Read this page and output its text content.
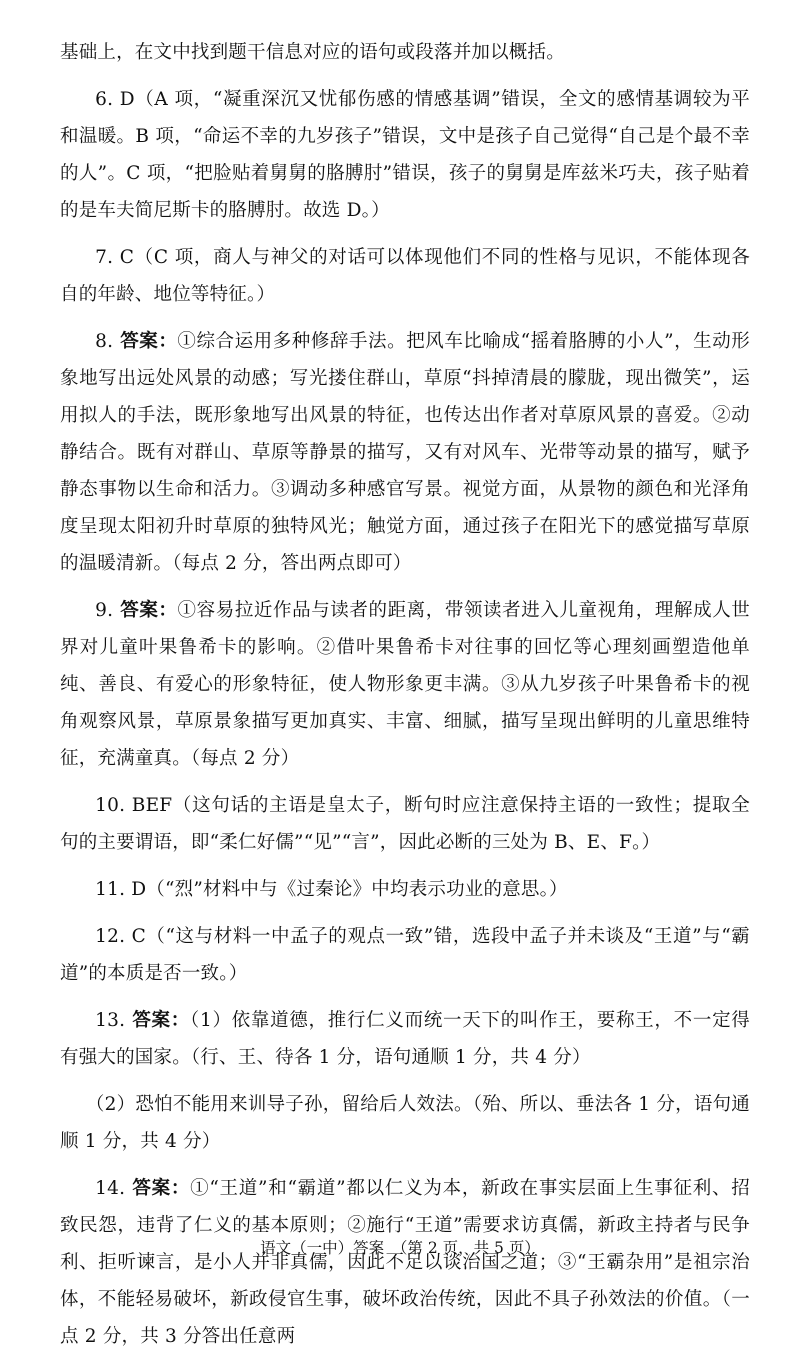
基础上，在文中找到题干信息对应的语句或段落并加以概括。

6. D（A 项，“凝重深沉又忧郁伤感的情感基调”错误，全文的感情基调较为平和温暖。B 项，“命运不幸的九岁孩子”错误，文中是孩子自己觉得“自己是个最不幸的人”。C 项，“把脸贴着舅舅的胳膊肘”错误，孩子的舅舅是库兹米巧夫，孩子贴着的是车夫简尼斯卡的胳膊肘。故选 D。）

7. C（C 项，商人与神父的对话可以体现他们不同的性格与见识，不能体现各自的年龄、地位等特征。）

8. 答案：①综合运用多种修辞手法。把风车比喻成“摇着胳膊的小人”，生动形象地写出远处风景的动感；写光搂住群山，草原“抖掉清晨的朦胧，现出微笑”，运用拟人的手法，既形象地写出风景的特征，也传达出作者对草原风景的喜爱。②动静结合。既有对群山、草原等静景的描写，又有对风车、光带等动景的描写，赋予静态事物以生命和活力。③调动多种感官写景。视觉方面，从景物的颜色和光泽角度呈现太阳初升时草原的独特风光；触觉方面，通过孩子在阳光下的感觉描写草原的温暖清新。（每点 2 分，答出两点即可）

9. 答案：①容易拉近作品与读者的距离，带领读者进入儿童视角，理解成人世界对儿童叶果鲁希卡的影响。②借叶果鲁希卡对往事的回忆等心理刻画塑造他单纯、善良、有爱心的形象特征，使人物形象更丰满。③从九岁孩子叶果鲁希卡的视角观察风景，草原景象描写更加真实、丰富、细腻，描写呈现出鲜明的儿童思维特征，充满童真。（每点 2 分）

10. BEF（这句话的主语是皇太子，断句时应注意保持主语的一致性；提取全句的主要谓语，即“柔仁好儒”“见”“言”，因此必断的三处为 B、E、F。）

11. D（“烈”材料中与《过秦论》中均表示功业的意思。）

12. C（“这与材料一中孟子的观点一致”错，选段中孟子并未谈及“王道”与“霸道”的本质是否一致。）

13. 答案：（1）依靠道德，推行仁义而统一天下的叫作王，要称王，不一定得有强大的国家。（行、王、待各 1 分，语句通顺 1 分，共 4 分）

（2）恐怕不能用来训导子孙，留给后人效法。（殆、所以、垂法各 1 分，语句通顺 1 分，共 4 分）

14. 答案：①“王道”和“霸道”都以仁义为本，新政在事实层面上生事征利、招致民怨，违背了仁义的基本原则；②施行“王道”需要求访真儒，新政主持者与民争利、拒听谏言，是小人并非真儒，因此不足以谈治国之道；③“王霸杂用”是祖宗治体，不能轻易破坏，新政侵官生事，破坏政治传统，因此不具子孙效法的价值。（一点 2 分，共 3 分答出任意两

语文（一中）答案　（第 2 页，共 5 页）
